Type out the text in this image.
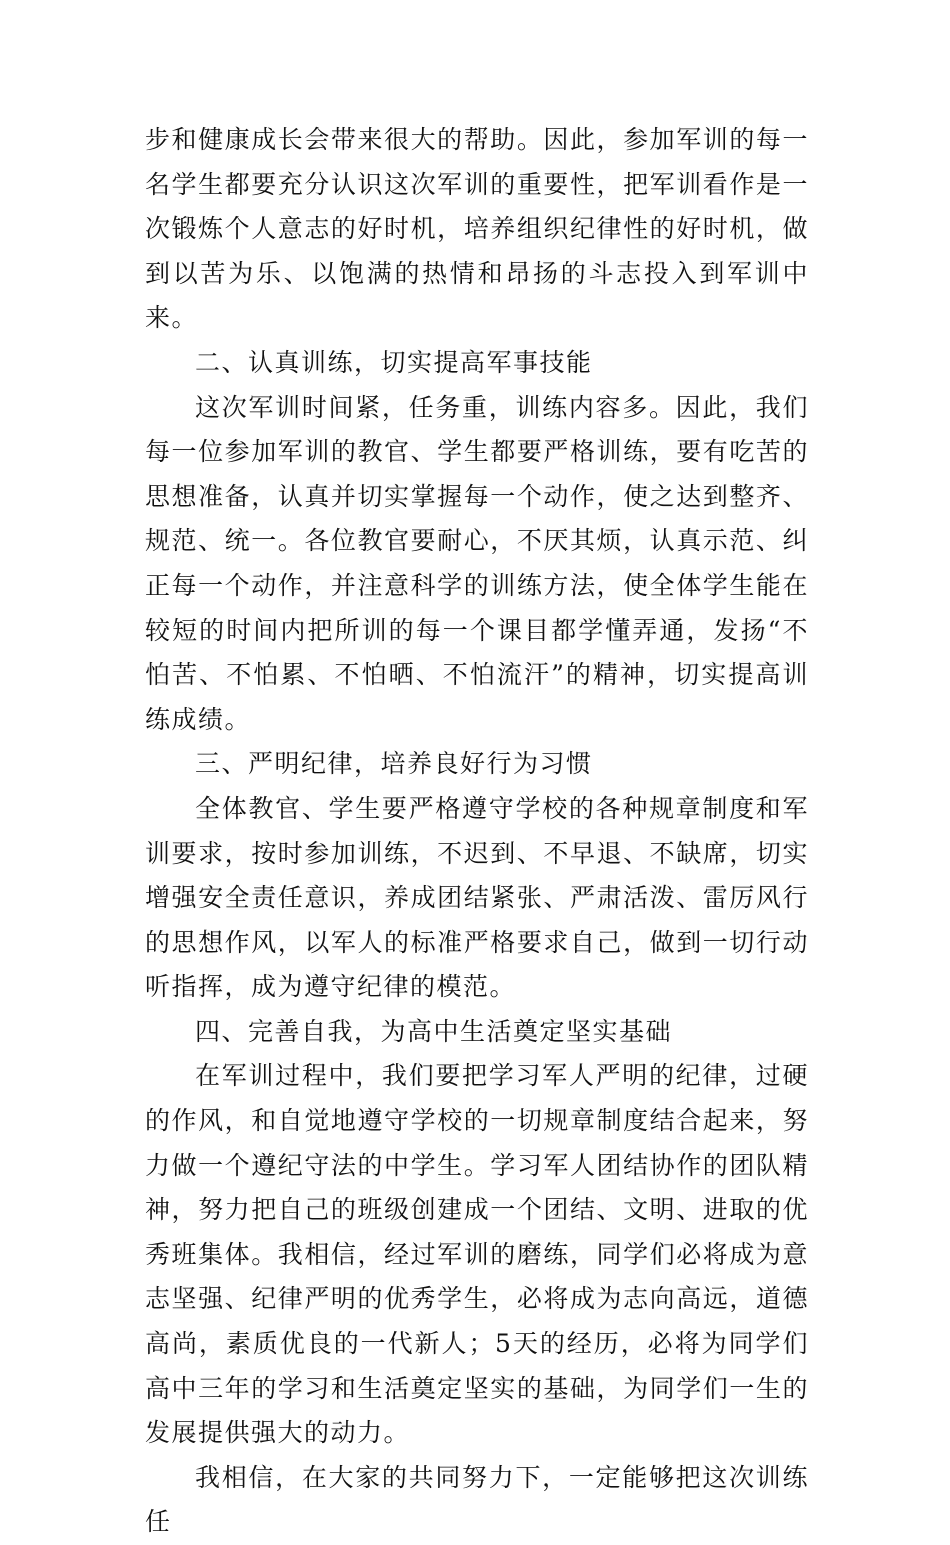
步和健康成长会带来很大的帮助。因此，参加军训的每一名学生都要充分认识这次军训的重要性，把军训看作是一次锻炼个人意志的好时机，培养组织纪律性的好时机，做到以苦为乐、以饱满的热情和昂扬的斗志投入到军训中来。

二、认真训练，切实提高军事技能

这次军训时间紧，任务重，训练内容多。因此，我们每一位参加军训的教官、学生都要严格训练，要有吃苦的思想准备，认真并切实掌握每一个动作，使之达到整齐、规范、统一。各位教官要耐心，不厌其烦，认真示范、纠正每一个动作，并注意科学的训练方法，使全体学生能在较短的时间内把所训的每一个课目都学懂弄通，发扬“不怕苦、不怕累、不怕晒、不怕流汗”的精神，切实提高训练成绩。

三、严明纪律，培养良好行为习惯

全体教官、学生要严格遵守学校的各种规章制度和军训要求，按时参加训练，不迟到、不早退、不缺席，切实增强安全责任意识，养成团结紧张、严肃活泼、雷厉风行的思想作风，以军人的标准严格要求自己，做到一切行动听指挥，成为遵守纪律的模范。

四、完善自我，为高中生活奠定坚实基础

在军训过程中，我们要把学习军人严明的纪律，过硬的作风，和自觉地遵守学校的一切规章制度结合起来，努力做一个遵纪守法的中学生。学习军人团结协作的团队精神，努力把自己的班级创建成一个团结、文明、进取的优秀班集体。我相信，经过军训的磨练，同学们必将成为意志坚强、纪律严明的优秀学生，必将成为志向高远，道德高尚，素质优良的一代新人；5天的经历，必将为同学们高中三年的学习和生活奠定坚实的基础，为同学们一生的发展提供强大的动力。

我相信，在大家的共同努力下，一定能够把这次训练任
